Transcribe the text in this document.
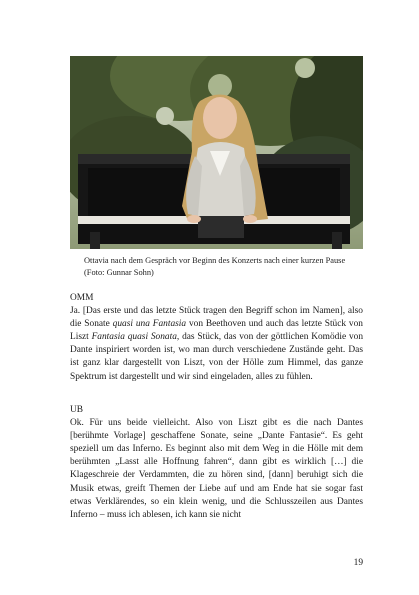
Ottavia nach dem Gespräch vor Beginn des Konzerts nach einer kurzen Pause (Foto: Gunnar Sohn)

OMM

Ja. [Das erste und das letzte Stück tragen den Begriff schon im Namen], also die Sonate quasi una Fantasia von Beethoven und auch das letzte Stück von Liszt Fantasia quasi Sonata, das Stück, das von der göttlichen Komödie von Dante inspiriert worden ist, wo man durch verschiedene Zustände geht. Das ist ganz klar dargestellt von Liszt, von der Hölle zum Himmel, das ganze Spektrum ist dargestellt und wir sind eingeladen, alles zu fühlen.

UB

Ok. Für uns beide vielleicht. Also von Liszt gibt es die nach Dantes [berühmte Vorlage] geschaffene Sonate, seine „Dante Fantasie“. Es geht speziell um das Inferno. Es beginnt also mit dem Weg in die Hölle mit dem berühmten „Lasst alle Hoffnung fahren“, dann gibt es wirklich […] die Klageschreie der Verdammten, die zu hören sind, [dann] beruhigt sich die Musik etwas, greift Themen der Liebe auf und am Ende hat sie sogar fast etwas Verklärendes, so ein klein wenig, und die Schlusszeilen aus Dantes Inferno – muss ich ablesen, ich kann sie nicht

19
